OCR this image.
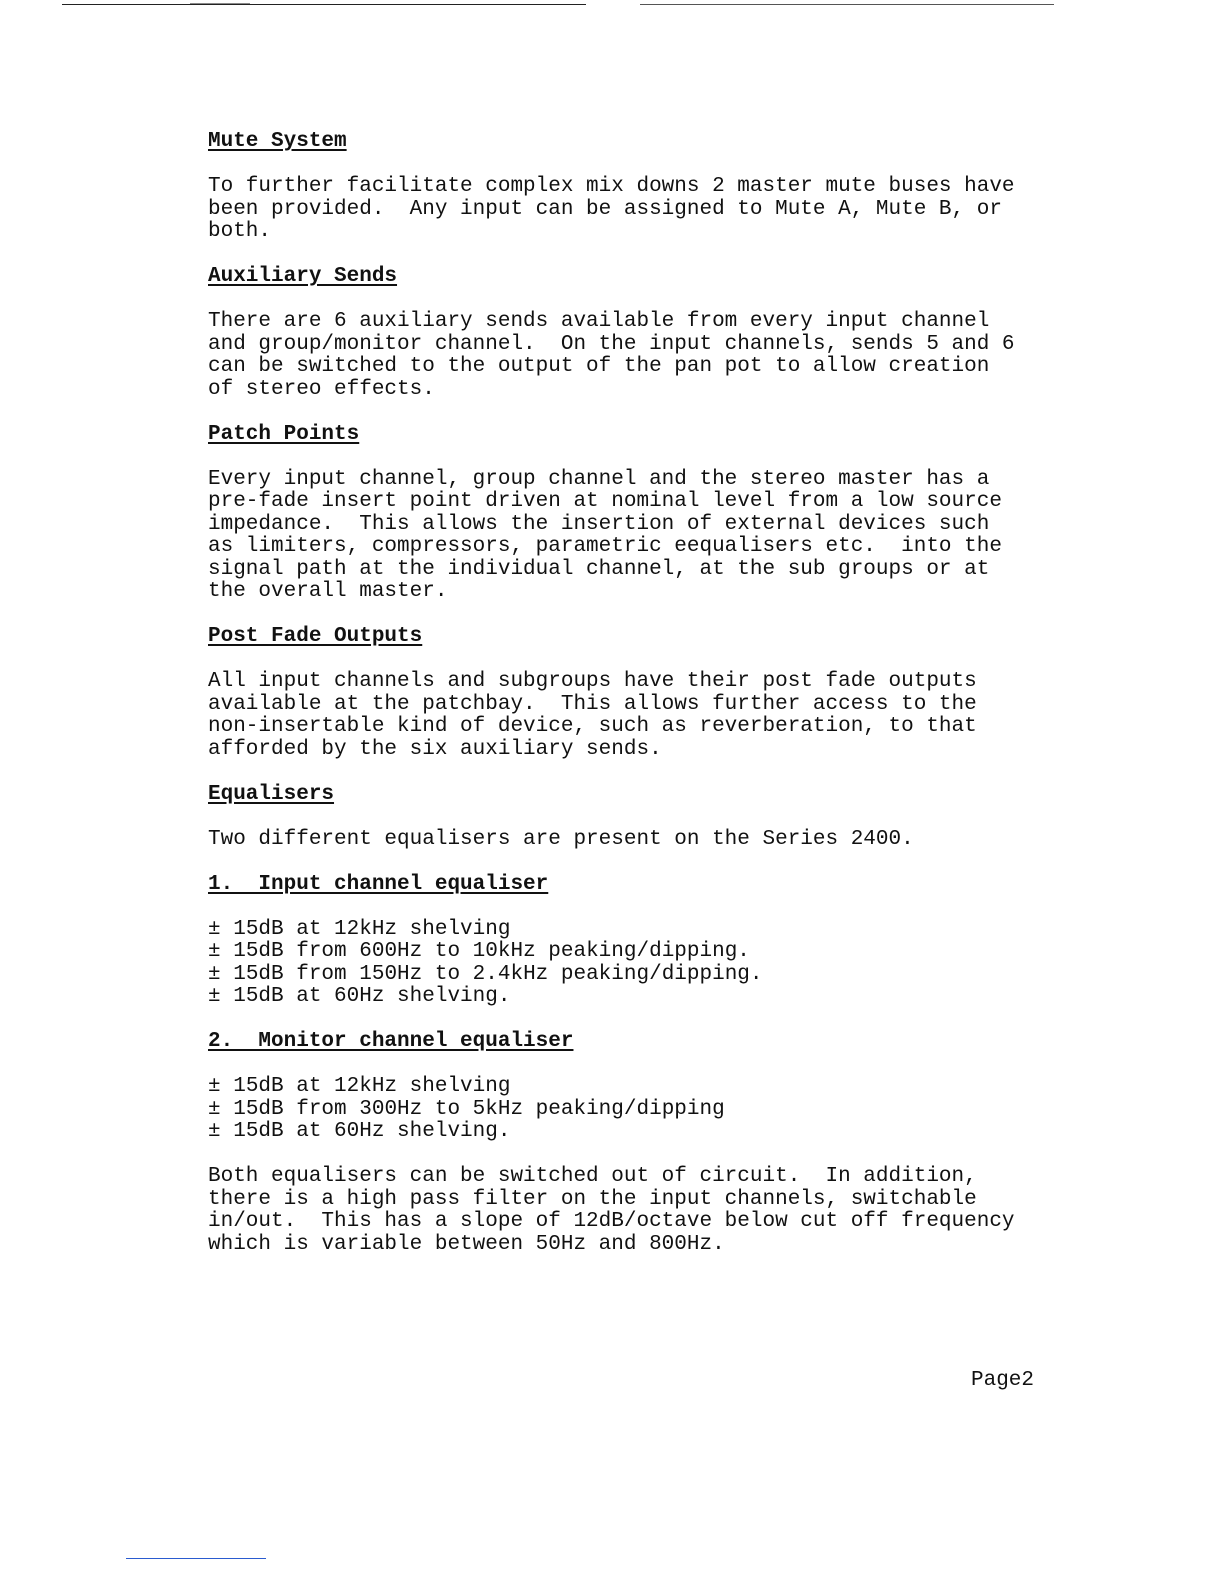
Mute System

To further facilitate complex mix downs 2 master mute buses have
been provided.  Any input can be assigned to Mute A, Mute B, or
both.

Auxiliary Sends

There are 6 auxiliary sends available from every input channel
and group/monitor channel.  On the input channels, sends 5 and 6
can be switched to the output of the pan pot to allow creation
of stereo effects.

Patch Points

Every input channel, group channel and the stereo master has a
pre-fade insert point driven at nominal level from a low source
impedance.  This allows the insertion of external devices such
as limiters, compressors, parametric eequalisers etc.  into the
signal path at the individual channel, at the sub groups or at
the overall master.

Post Fade Outputs

All input channels and subgroups have their post fade outputs
available at the patchbay.  This allows further access to the
non-insertable kind of device, such as reverberation, to that
afforded by the six auxiliary sends.

Equalisers

Two different equalisers are present on the Series 2400.

1.  Input channel equaliser
± 15dB at 12kHz shelving
± 15dB from 600Hz to 10kHz peaking/dipping.
± 15dB from 150Hz to 2.4kHz peaking/dipping.
± 15dB at 60Hz shelving.
2.  Monitor channel equaliser
± 15dB at 12kHz shelving
± 15dB from 300Hz to 5kHz peaking/dipping
± 15dB at 60Hz shelving.

Both equalisers can be switched out of circuit.  In addition,
there is a high pass filter on the input channels, switchable
in/out.  This has a slope of 12dB/octave below cut off frequency
which is variable between 50Hz and 800Hz.

Page2
